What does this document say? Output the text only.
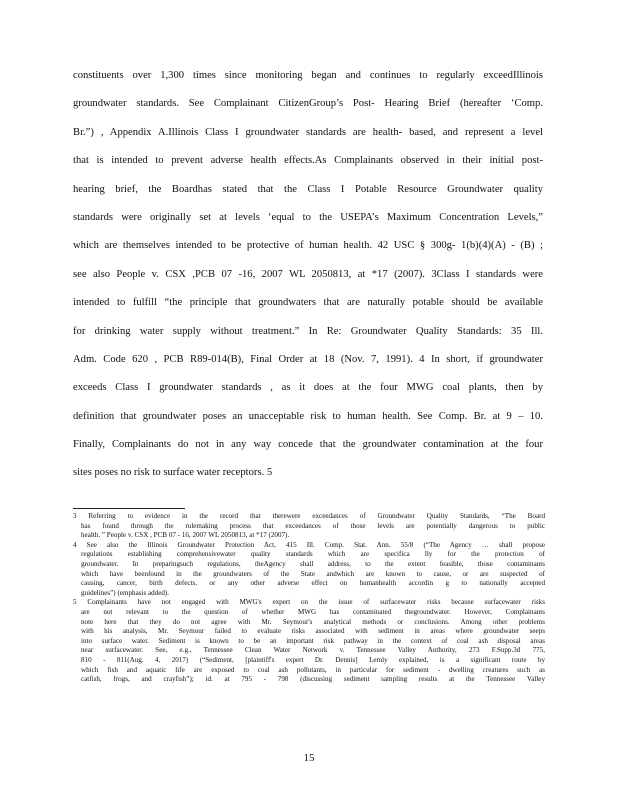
constituents over 1,300 times since monitoring began and continues to regularly exceedIllinois
groundwater standards. See Complainant CitizenGroup’s Post- Hearing Brief (hereafter ‘Comp.
Br.”) , Appendix A.Illinois Class I groundwater standards are health- based, and represent a level
that is intended to prevent adverse health effects.As Complainants observed in their initial post-
hearing brief, the Boardhas stated that the Class I Potable Resource Groundwater quality
standards were originally set at levels ‘equal to the USEPA’s Maximum Concentration Levels,”
which are themselves intended to be protective of human health. 42 USC § 300g- 1(b)(4)(A) - (B) ;
see also People v. CSX ,PCB 07 -16, 2007 WL 2050813, at *17 (2007). 3Class I standards were
intended to fulfill “the principle that groundwaters that are naturally potable should be available
for drinking water supply without treatment.” In Re: Groundwater Quality Standards: 35 Ill.
Adm. Code 620 , PCB R89-014(B), Final Order at 18 (Nov. 7, 1991). 4 In short, if groundwater
exceeds Class I groundwater standards , as it does at the four MWG coal plants, then by
definition that groundwater poses an unacceptable risk to human health. See Comp. Br. at 9 – 10.
Finally, Complainants do not in any way concede that the groundwater contamination at the four
sites poses no risk to surface water receptors. 5
3 Referring to evidence in the record that therewere exceedances of Groundwater Quality Standards, “The Board
has found through the rulemaking process that exceedances of those levels are potentially dangerous to public
health. ” People v. CSX , PCB 07 - 16, 2007 WL 2050813, at *17 (2007).
4 See also the Illinois Groundwater Protection Act, 415 Ill. Comp. Stat. Ann. 55/8 (“The Agency … shall propose
regulations establishing comprehensivewater quality standards which are specifica lly for the protection of
groundwater. In preparingsuch regulations, theAgency shall address, to the extent feasible, those contaminants
which have beenfound in the groundwaters of the State andwhich are known to cause, or are suspected of
causing, cancer, birth defects, or any other adverse effect on humanhealth accordin g to nationally accepted
guidelines”) (emphasis added).
5 Complainants have not engaged with MWG's expert on the issue of surfacewater risks because surfacewater risks
are not relevant to the question of whether MWG has contaminated thegroundwater. However, Complainants
note here that they do not agree with Mr. Seymour's analytical methods or conclusions. Among other problems
with his analysis, Mr. Seymour failed to evaluate risks associated with sediment in areas where groundwater seeps
into surface water. Sediment is known to be an important risk pathway in the context of coal ash disposal areas
near surfacewater. See, e.g., Tennessee Clean Water Network v. Tennessee Valley Authority, 273 F.Supp.3d 775,
810 - 811(Aug. 4, 2017) (“Sediment, [plaintiff's expert Dr. Dennis] Lemly explained, is a significant route by
which fish and aquatic life are exposed to coal ash pollutants, in particular for sediment - dwelling creatures such as
catfish, frogs, and crayfish”); id. at 795 - 798 (discussing sediment sampling results at the Tennessee Valley
15
